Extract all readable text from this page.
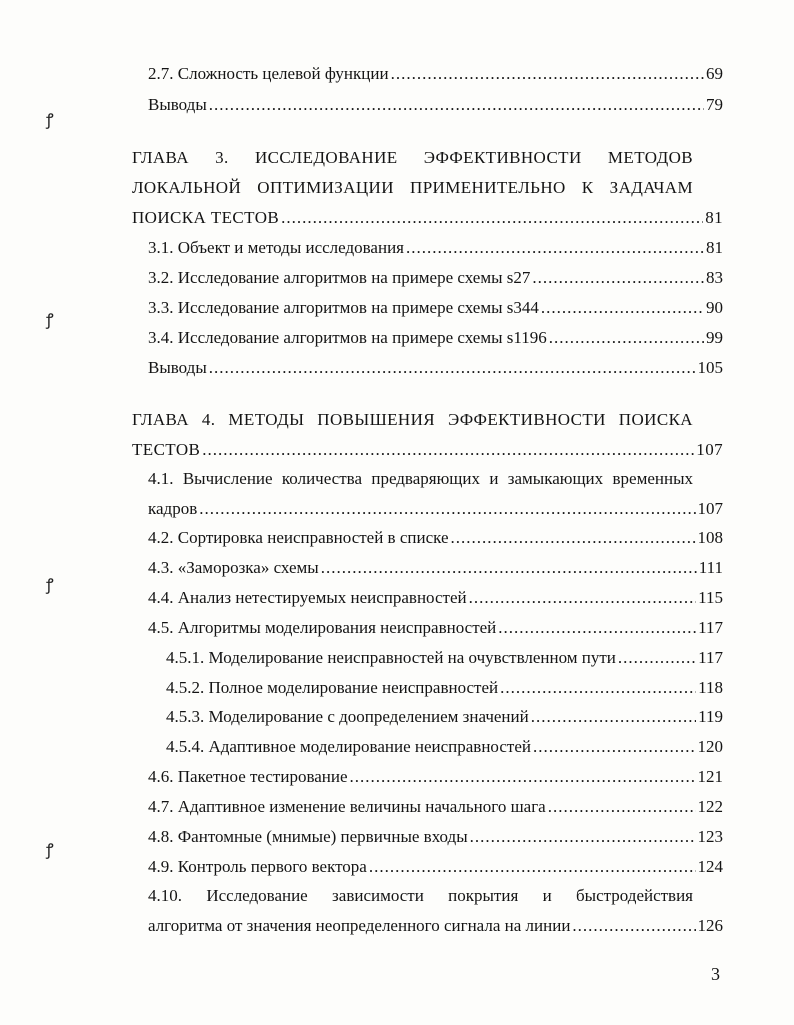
ꝭ
ꝭ
ꝭ
ꝭ
2.7. Сложность целевой функции .....	69
Выводы .....	79
ГЛАВА 3. ИССЛЕДОВАНИЕ ЭФФЕКТИВНОСТИ МЕТОДОВ
ЛОКАЛЬНОЙ ОПТИМИЗАЦИИ ПРИМЕНИТЕЛЬНО К ЗАДАЧАМ
ПОИСКА ТЕСТОВ .....	81
3.1. Объект и методы исследования .....	81
3.2. Исследование алгоритмов на примере схемы s27 .....	83
3.3. Исследование алгоритмов на примере схемы s344 .....	90
3.4. Исследование алгоритмов на примере схемы s1196 .....	99
Выводы .....	105
ГЛАВА 4. МЕТОДЫ ПОВЫШЕНИЯ ЭФФЕКТИВНОСТИ ПОИСКА
ТЕСТОВ .....	107
4.1. Вычисление количества предваряющих и замыкающих временных
кадров .....	107
4.2. Сортировка неисправностей в списке .....	108
4.3. «Заморозка» схемы .....	111
4.4. Анализ нетестируемых неисправностей .....	115
4.5. Алгоритмы моделирования неисправностей .....	117
4.5.1. Моделирование неисправностей на очувствленном пути .....	117
4.5.2. Полное моделирование неисправностей .....	118
4.5.3. Моделирование с доопределением значений .....	119
4.5.4. Адаптивное моделирование неисправностей .....	120
4.6. Пакетное тестирование .....	121
4.7. Адаптивное изменение величины начального шага .....	122
4.8. Фантомные (мнимые) первичные входы .....	123
4.9. Контроль первого вектора .....	124
4.10. Исследование зависимости покрытия и быстродействия
алгоритма от значения неопределенного сигнала на линии .....	126
3
